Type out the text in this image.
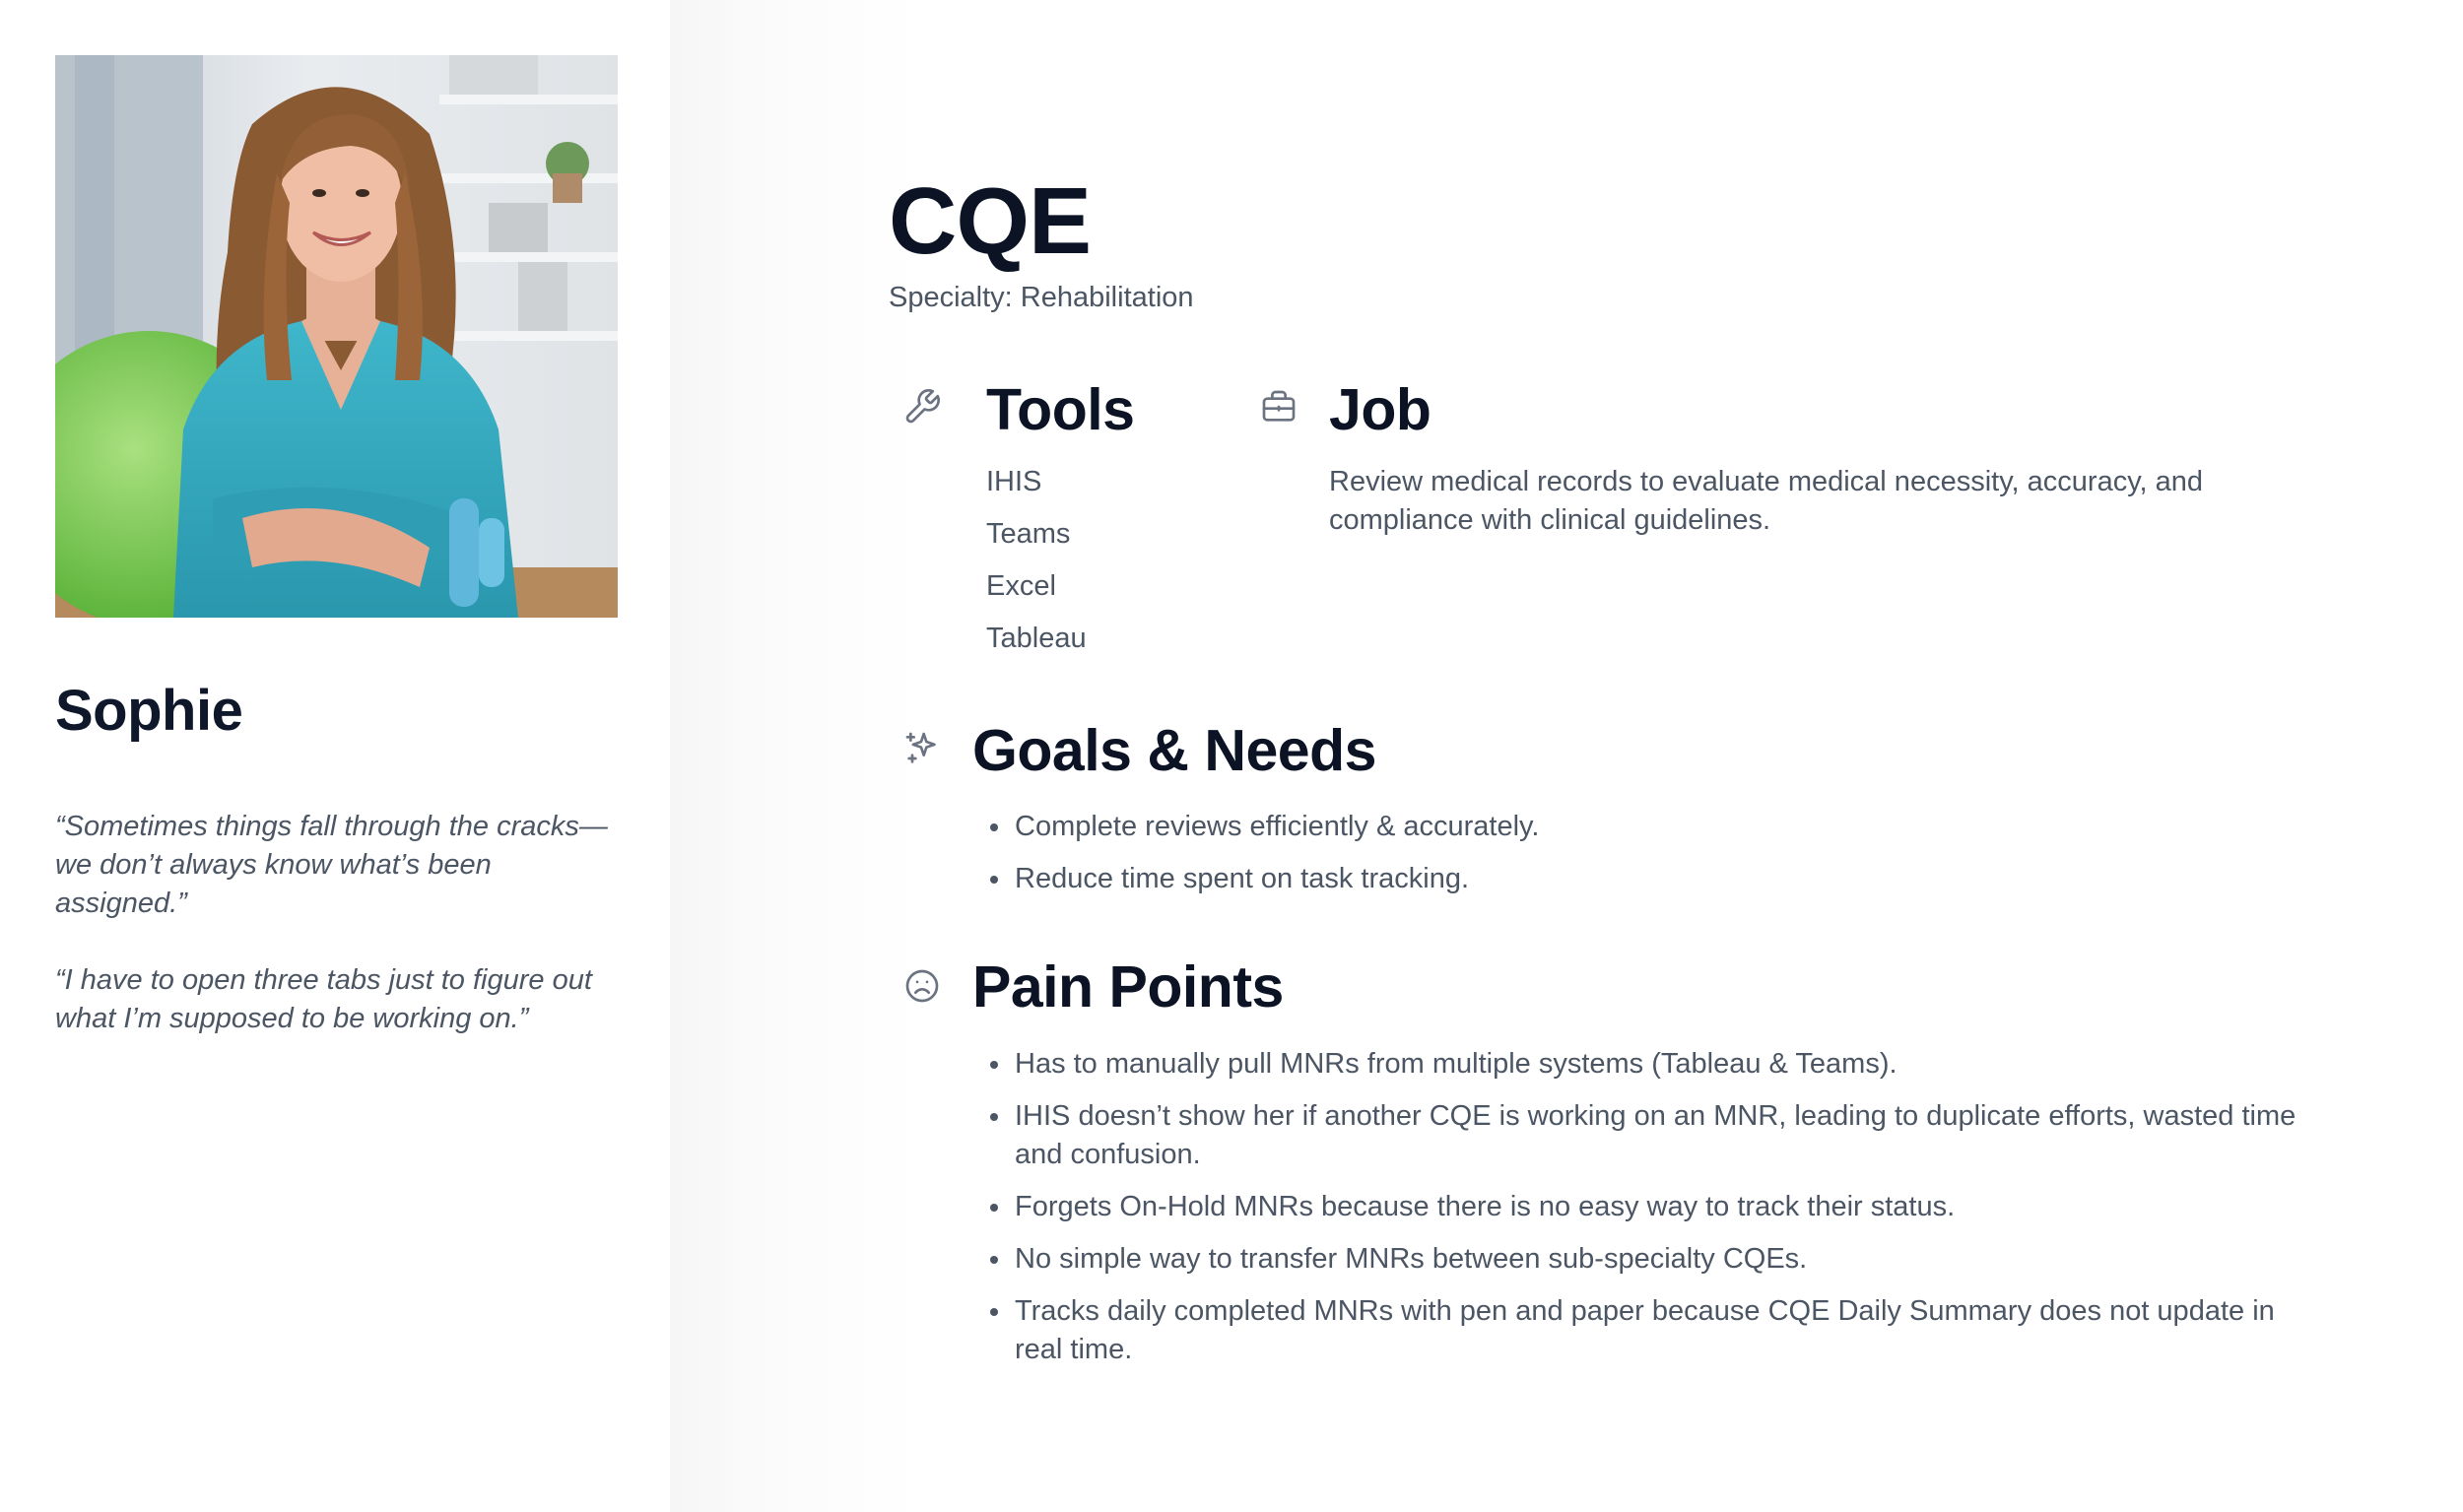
Sophie

“Sometimes things fall through the cracks—we don’t always know what’s been assigned.”

“I have to open three tabs just to figure out what I’m supposed to be working on.”

CQE
Specialty: Rehabilitation
Tools
IHIS
Teams
Excel
Tableau
Job

Review medical records to evaluate medical necessity, accuracy, and compliance with clinical guidelines.

Goals & Needs
Complete reviews efficiently & accurately.
Reduce time spent on task tracking.
Pain Points
Has to manually pull MNRs from multiple systems (Tableau & Teams).
IHIS doesn’t show her if another CQE is working on an MNR, leading to duplicate efforts, wasted time and confusion.
Forgets On-Hold MNRs because there is no easy way to track their status.
No simple way to transfer MNRs between sub-specialty CQEs.
Tracks daily completed MNRs with pen and paper because CQE Daily Summary does not update in real time.
